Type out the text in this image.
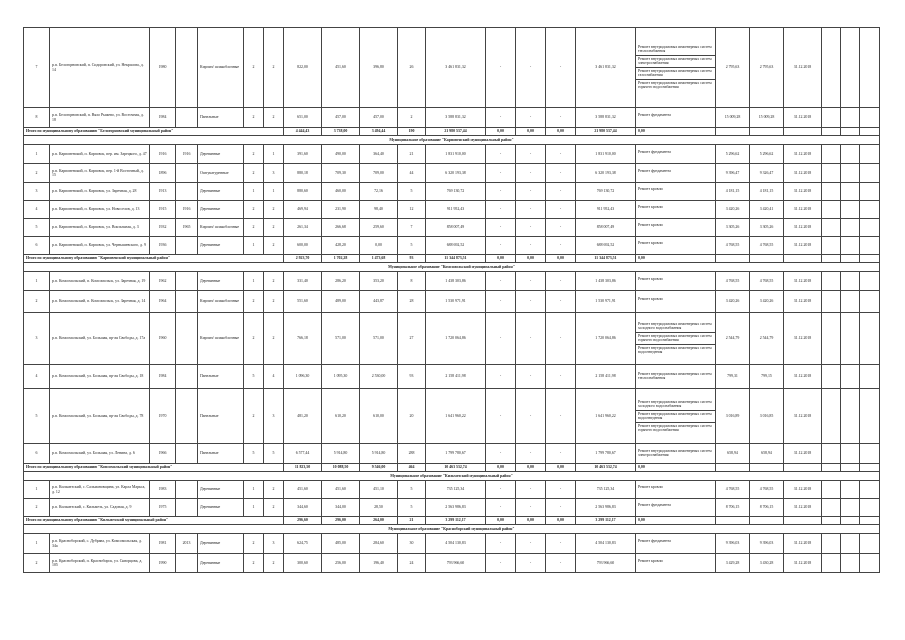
7	р.п. Белогорновский, п. Сидоровский, ул. Некрасова, д. 14	1980		Кирпич/ шлакоблочные	2	2	822,00	451,60	396,80	26	3 461 831,32	-	-	-	3 461 831,32	Ремонт внутридомовых инженерных систем теплоснабжения
Ремонт внутридомовых инженерных систем электроснабжения
Ремонт внутридомовых инженерных систем газоснабжения
Ремонт внутридомовых инженерных систем горячего водоснабжения	2 795,63	2 795,63	31.12.2018			
8	р.п. Белогорновский, п. Вяло Рыжево, ул. Восточная, д. 18	1984		Панельные	2	2	651,00	457,00	457,00	2	3 588 831,32	-	-	-	3 588 831,32	Ремонт фундамента	15 009,28	15 009,28	31.12.2018			
Итого по муниципальному образованию "Белогорновский муниципальный район"							4 444,43	3 738,00	3 494,44	190	21 980 537,44	0,00	0,00	0,00	21 980 537,44	0,00						
Муниципальное образование "Карповенский муниципальный район"																						
1	р.п. Карповенский, п. Карповск, пер. им. Зарецкого, д. 47	1916	1916	Деревянные	2	1	391,60	490,00	364,40	21	1 831 910,00	-	-	-	1 831 910,00	Ремонт фундамента	5 296,62	5 296,62	31.12.2018			
2	р.п. Карповенский, п. Карповск, пер. 1-й Восточный, д. 15	1896		Оштукатуренные	2	3	880,18	709,30	709,00	44	6 320 193,38	-	-	-	6 320 193,38	Ремонт фундамента	9 396,47	9 326,47	31.12.2018			
3	р.п. Карповенский, п. Карповск, ул. Заречная, д. 28	1913		Деревянные	1	1	880,60	460,00	72,16	5	769 130,72	-	-	-	769 130,72	Ремонт кровли	4 181,15	4 181,15	31.12.2018			
4	р.п. Карповенский, п. Карповск, ул. Новоселов, д. 13	1915	1916	Деревянные	2	2	469,94	231,90	98,40	12	911 952,43	-	-	-	911 952,43	Ремонт кровли	3 420,26	3 420,41	31.12.2018			
5	р.п. Карповенский, п. Карповск, ул. Вокзальная, д. 3	1932	1965	Кирпич/ шлакоблочные	2	2	261,34	266,68	259,60	7	858 007,49	-	-	-	858 007,49	Ремонт кровли	3 305,26	3 305,26	31.12.2018			
6	р.п. Карповенский, п. Карповск, ул. Чернышевского, д. 9	1936		Деревянные	1	2	600,00	428,20	0,00	5	688 692,52	-	-	-	688 692,52	Ремонт кровли	4 768,55	4 768,55	31.12.2018			
Итого по муниципальному образованию "Карповенский муниципальный район"							2 923,70	1 702,28	1 473,68	93	11 344 873,51	0,00	0,00	0,00	11 344 873,51	0,00						
Муниципальное образование "Комсомольский муниципальный район"																						
1	р.п. Комсомольский, п. Комсомольск, ул. Заречная, д. 19	1962		Деревянные	1	2	331,40	286,20	353,20	8	1 438 303,86	-	-	-	1 438 303,86	Ремонт кровли	4 768,55	4 768,55	31.12.2018			
2	р.п. Комсомольский, п. Комсомольск, ул. Заречная, д. 14	1964		Кирпич/ шлакоблочные	2	2	551,60	489,00	443,87	28	1 530 971,91	-	-	-	1 530 971,91	Ремонт кровли	3 420,26	3 420,26	31.12.2018			
3	р.п. Комсомольский, ул. Большая, пр-ая Свободы, д. 17а	1960		Кирпич/ шлакоблочные	2	2	766,18	571,00	571,00	27	1 720 064,86	-	-	-	1 720 064,86	Ремонт внутридомовых инженерных систем холодного водоснабжения
Ремонт внутридомовых инженерных систем горячего водоснабжения
Ремонт внутридомовых инженерных систем водоотведения	2 544,79	2 544,79	31.12.2018			
4	р.п. Комсомольский, ул. Большая, пр-ая Свободы, д. 18	1984		Панельные	5	4	1 096,30	1 095,30	2 530,00	93	2 158 411,98	-	-	-	2 158 411,98	Ремонт внутридомовых инженерных систем теплоснабжения	799,31	799,15	31.12.2018			
5	р.п. Комсомольский, ул. Большая, пр-ая Свободы, д. 78	1970		Панельные	2	3	481,20	610,20	610,00	20	1 641 960,22	-	-	-	1 641 960,22	Ремонт внутридомовых инженерных систем холодного водоснабжения
Ремонт внутридомовых инженерных систем водоотведения
Ремонт внутридомовых инженерных систем горячего водоснабжения	3 016,89	3 016,85	31.12.2018			
6	р.п. Комсомольский, ул. Большая, ул. Ленина, д. 6	1966		Панельные	5	5	6 577,44	5 914,80	5 914,80	288	1 799 780,67	-	-	-	1 799 780,67	Ремонт внутридомовых инженерных систем электроснабжения	658,94	658,94	31.12.2018			
Итого по муниципальному образованию "Комсомольский муниципальный район"							11 823,50	10 088,50	9 546,00	464	10 463 532,74	0,00	0,00	0,00	10 463 532,74	0,00						
Муниципальное образование "Кильмезский муниципальный район"																						
1	р.п. Кильмезский, с. Сальмановщина, ул. Карла Маркса, д. 12	1983		Деревянные	1	2	451,60	451,60	451,10	5	735 125,34	-	-	-	735 125,34	Ремонт кровли	4 768,55	4 768,55	31.12.2018			
2	р.п. Кильмезский, с. Кильмезь, ул. Садовая, д. 9	1975		Деревянные	1	2	344,60	344,00	28,50	5	2 563 986,83	-	-	-	2 563 986,83	Ремонт фундамента	8 706,15	8 706,15	31.12.2018			
Итого по муниципальному образованию "Кильмезский муниципальный район"							296,60	296,00	264,00	21	3 299 112,17	0,00	0,00	0,00	3 299 112,17	0,00						
Муниципальное образование "Красноборский муниципальный район"																						
1	р.п. Красноборский, с. Дубрава, ул. Комсомольская, д. 34а	1981	2013	Деревянные	2	3	624,75	485,00	284,60	30	4 504 130,83	-	-	-	4 504 130,83	Ремонт фундамента	9 396,03	9 396,03	31.12.2018			
2	р.п. Красноборский, п. Красноборск, ул. Скворцова, д. 105	1990		Деревянные	2	2	300,60	256,00	196,40	24	793 966,60	-	-	-	793 966,60	Ремонт кровли	3 429,28	3 430,28	31.12.2018			
